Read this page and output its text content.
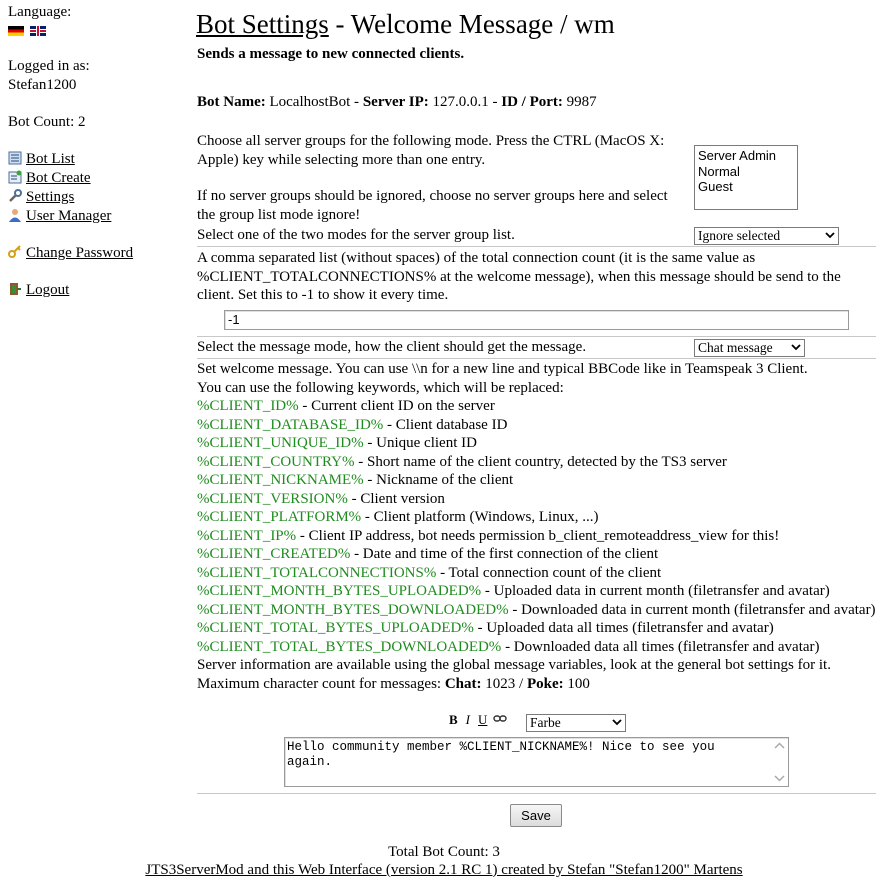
Language:
Logged in as:
Stefan1200
Bot Count: 2
Bot List
Bot Create
Settings
User Manager
Change Password
Logout
Bot Settings - Welcome Message / wm
Sends a message to new connected clients.
Bot Name: LocalhostBot - Server IP: 127.0.0.1 - ID / Port: 9987
Choose all server groups for the following mode. Press the CTRL (MacOS X: Apple) key while selecting more than one entry.
If no server groups should be ignored, choose no server groups here and select the group list mode ignore!
Server Admin
Normal
Guest
Select one of the two modes for the server group list.	Ignore selected
A comma separated list (without spaces) of the total connection count (it is the same value as %CLIENT_TOTALCONNECTIONS% at the welcome message), when this message should be send to the client. Set this to -1 to show it every time.
-1
Select the message mode, how the client should get the message.	Chat message
Set welcome message. You can use \\n for a new line and typical BBCode like in Teamspeak 3 Client.
You can use the following keywords, which will be replaced:
%CLIENT_ID% - Current client ID on the server
%CLIENT_DATABASE_ID% - Client database ID
%CLIENT_UNIQUE_ID% - Unique client ID
%CLIENT_COUNTRY% - Short name of the client country, detected by the TS3 server
%CLIENT_NICKNAME% - Nickname of the client
%CLIENT_VERSION% - Client version
%CLIENT_PLATFORM% - Client platform (Windows, Linux, ...)
%CLIENT_IP% - Client IP address, bot needs permission b_client_remoteaddress_view for this!
%CLIENT_CREATED% - Date and time of the first connection of the client
%CLIENT_TOTALCONNECTIONS% - Total connection count of the client
%CLIENT_MONTH_BYTES_UPLOADED% - Uploaded data in current month (filetransfer and avatar)
%CLIENT_MONTH_BYTES_DOWNLOADED% - Downloaded data in current month (filetransfer and avatar)
%CLIENT_TOTAL_BYTES_UPLOADED% - Uploaded data all times (filetransfer and avatar)
%CLIENT_TOTAL_BYTES_DOWNLOADED% - Downloaded data all times (filetransfer and avatar)
Server information are available using the global message variables, look at the general bot settings for it.
Maximum character count for messages: Chat: 1023 / Poke: 100
B I U	Farbe
Hello community member %CLIENT_NICKNAME%! Nice to see you again.
Save
Total Bot Count: 3
JTS3ServerMod and this Web Interface (version 2.1 RC 1) created by Stefan "Stefan1200" Martens
